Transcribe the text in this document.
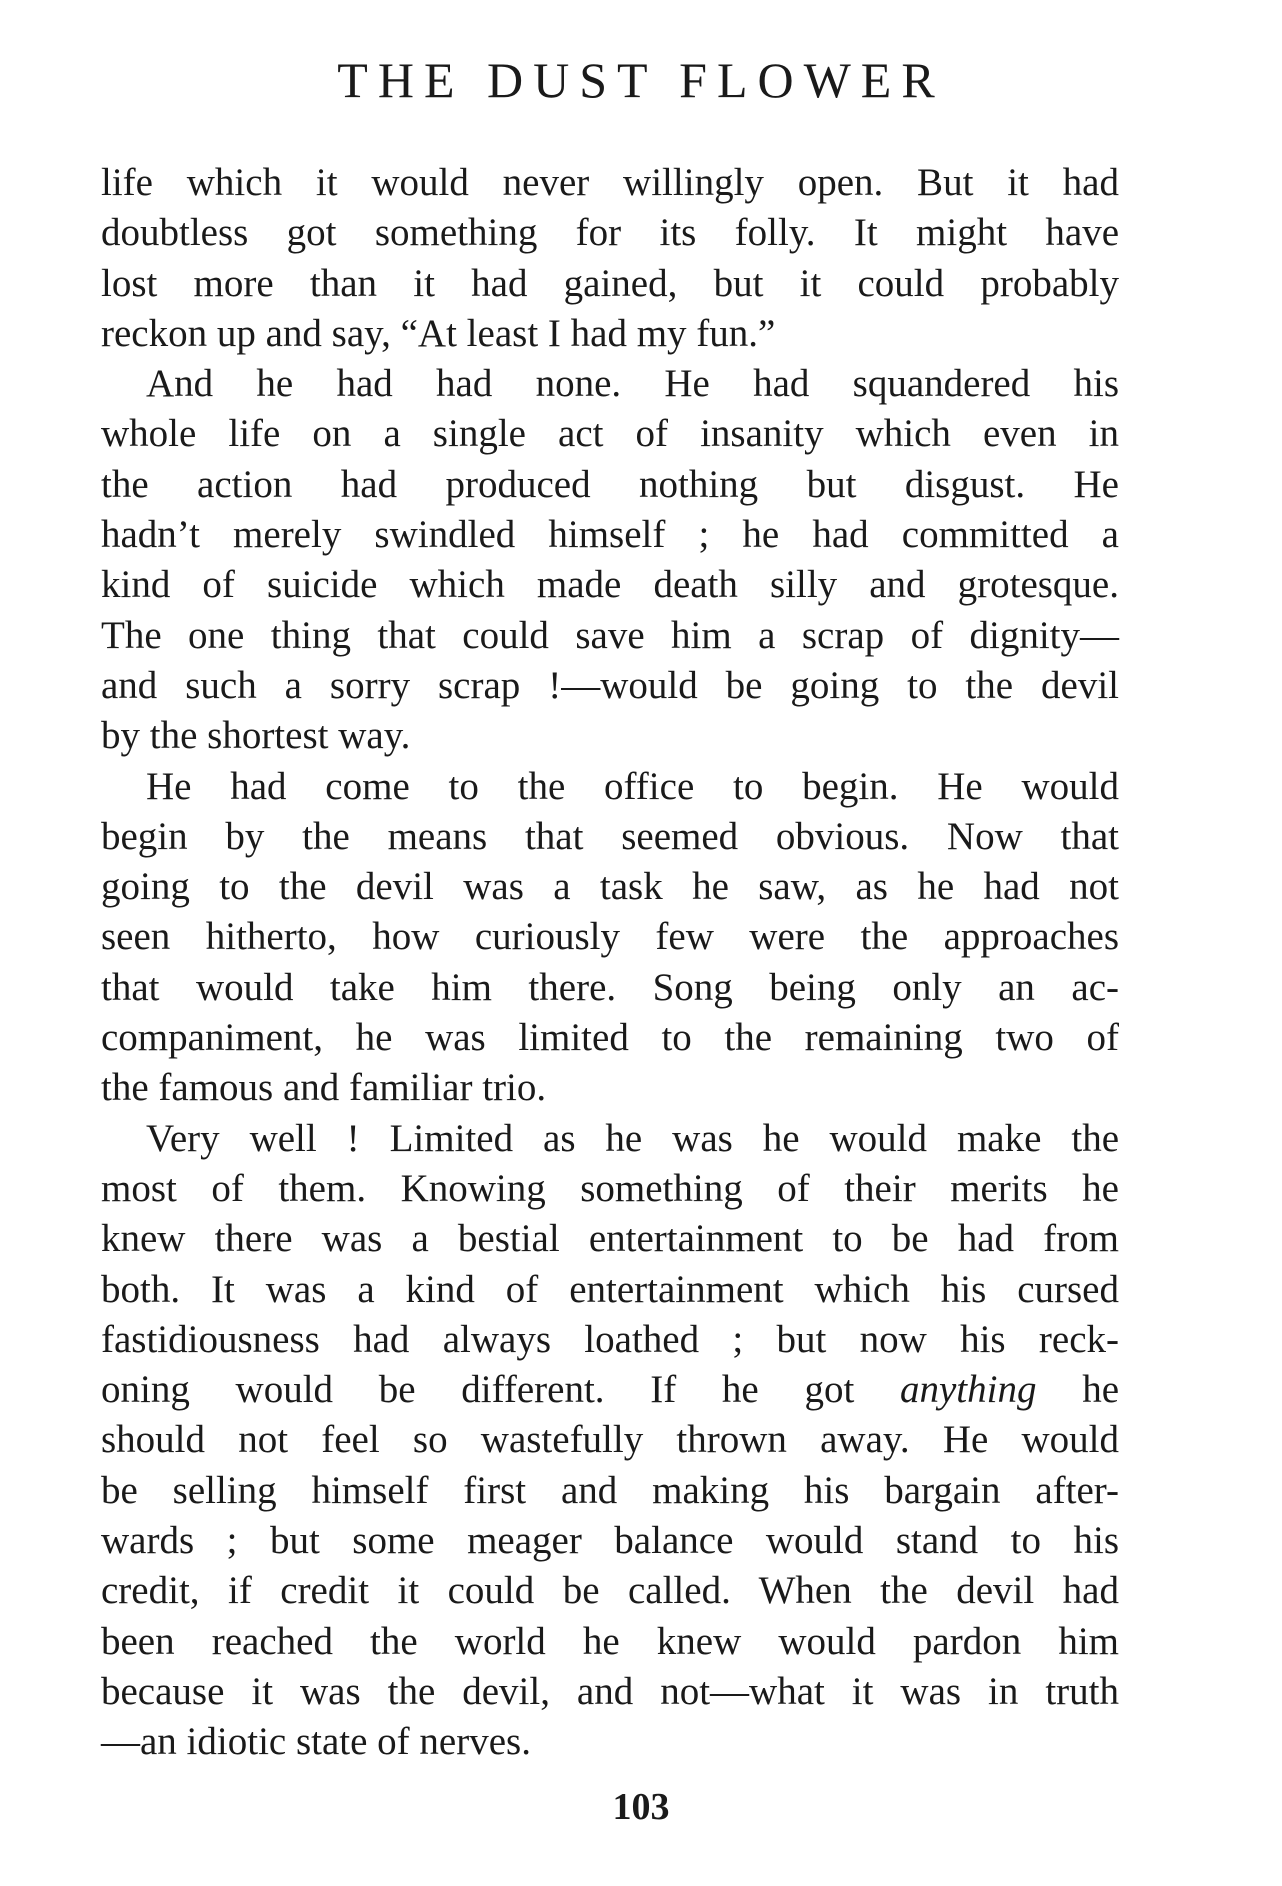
THE DUST FLOWER
life which it would never willingly open. But it had
doubtless got something for its folly. It might have
lost more than it had gained, but it could probably
reckon up and say, “At least I had my fun.”
And he had had none. He had squandered his
whole life on a single act of insanity which even in
the action had produced nothing but disgust. He
hadn’t merely swindled himself ; he had committed a
kind of suicide which made death silly and grotesque.
The one thing that could save him a scrap of dignity—
and such a sorry scrap !—would be going to the devil
by the shortest way.
He had come to the office to begin. He would
begin by the means that seemed obvious. Now that
going to the devil was a task he saw, as he had not
seen hitherto, how curiously few were the approaches
that would take him there. Song being only an ac-
companiment, he was limited to the remaining two of
the famous and familiar trio.
Very well ! Limited as he was he would make the
most of them. Knowing something of their merits he
knew there was a bestial entertainment to be had from
both. It was a kind of entertainment which his cursed
fastidiousness had always loathed ; but now his reck-
oning would be different. If he got anything he
should not feel so wastefully thrown away. He would
be selling himself first and making his bargain after-
wards ; but some meager balance would stand to his
credit, if credit it could be called. When the devil had
been reached the world he knew would pardon him
because it was the devil, and not—what it was in truth
—an idiotic state of nerves.
103
